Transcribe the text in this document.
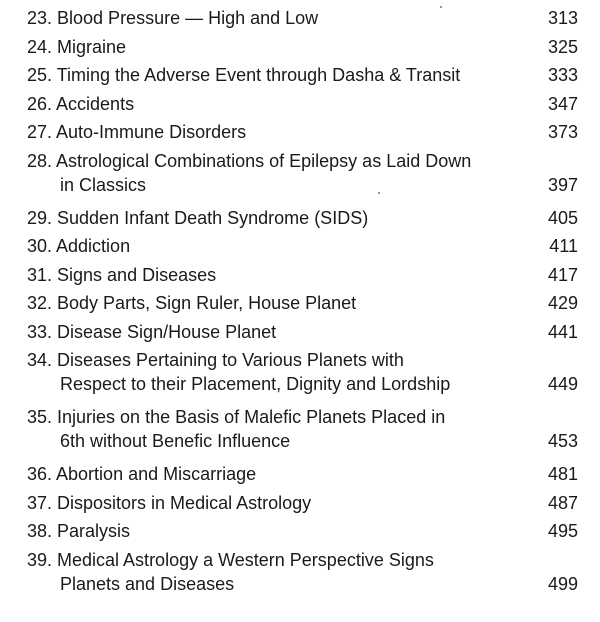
23. Blood Pressure — High and Low	313
24. Migraine	325
25. Timing the Adverse Event through Dasha & Transit	333
26. Accidents	347
27. Auto-Immune Disorders	373
28. Astrological Combinations of Epilepsy as Laid Down
in Classics	397
29. Sudden Infant Death Syndrome (SIDS)	405
30. Addiction	411
31. Signs and Diseases	417
32. Body Parts, Sign Ruler, House Planet	429
33. Disease Sign/House Planet	441
34. Diseases Pertaining to Various Planets with
Respect to their Placement, Dignity and Lordship	449
35. Injuries on the Basis of Malefic Planets Placed in
6th without Benefic Influence	453
36. Abortion and Miscarriage	481
37. Dispositors in Medical Astrology	487
38. Paralysis	495
39. Medical Astrology a Western Perspective Signs
Planets and Diseases	499
